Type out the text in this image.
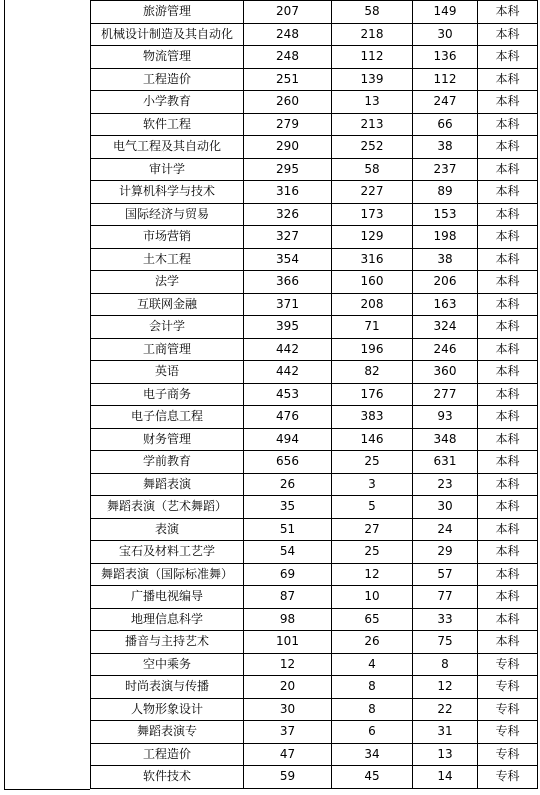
旅游管理	207	58	149	本科
机械设计制造及其自动化	248	218	30	本科
物流管理	248	112	136	本科
工程造价	251	139	112	本科
小学教育	260	13	247	本科
软件工程	279	213	66	本科
电气工程及其自动化	290	252	38	本科
审计学	295	58	237	本科
计算机科学与技术	316	227	89	本科
国际经济与贸易	326	173	153	本科
市场营销	327	129	198	本科
土木工程	354	316	38	本科
法学	366	160	206	本科
互联网金融	371	208	163	本科
会计学	395	71	324	本科
工商管理	442	196	246	本科
英语	442	82	360	本科
电子商务	453	176	277	本科
电子信息工程	476	383	93	本科
财务管理	494	146	348	本科
学前教育	656	25	631	本科
舞蹈表演	26	3	23	本科
舞蹈表演（艺术舞蹈）	35	5	30	本科
表演	51	27	24	本科
宝石及材料工艺学	54	25	29	本科
舞蹈表演（国际标准舞）	69	12	57	本科
广播电视编导	87	10	77	本科
地理信息科学	98	65	33	本科
播音与主持艺术	101	26	75	本科
空中乘务	12	4	8	专科
时尚表演与传播	20	8	12	专科
人物形象设计	30	8	22	专科
舞蹈表演专	37	6	31	专科
工程造价	47	34	13	专科
软件技术	59	45	14	专科
